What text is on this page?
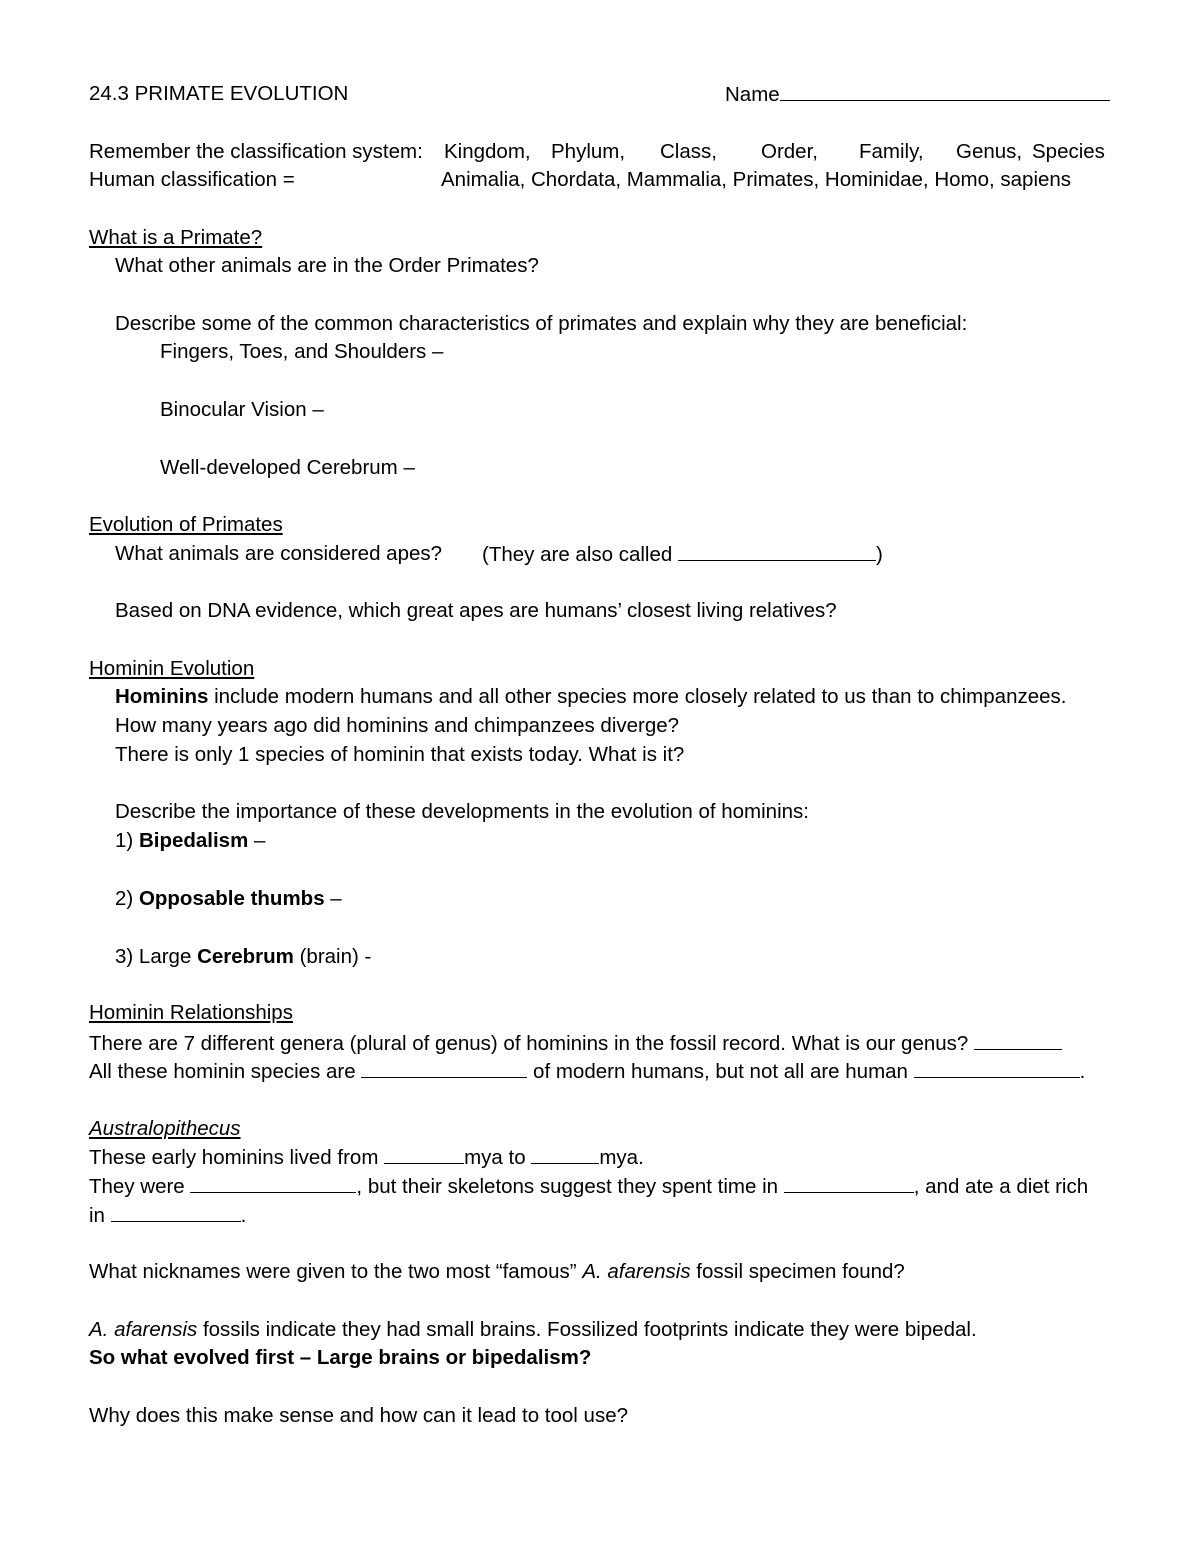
24.3 PRIMATE EVOLUTION	Name
Remember the classification system: Kingdom, Phylum, Class, Order, Family, Genus, Species
Human classification =	Animalia, Chordata, Mammalia, Primates, Hominidae, Homo, sapiens
What is a Primate?
What other animals are in the Order Primates?
Describe some of the common characteristics of primates and explain why they are beneficial:
Fingers, Toes, and Shoulders –
Binocular Vision –
Well-developed Cerebrum –
Evolution of Primates
What animals are considered apes? (They are also called	)
Based on DNA evidence, which great apes are humans’ closest living relatives?
Hominin Evolution
Hominins include modern humans and all other species more closely related to us than to chimpanzees.
How many years ago did hominins and chimpanzees diverge?
There is only 1 species of hominin that exists today. What is it?
Describe the importance of these developments in the evolution of hominins:
1) Bipedalism –
2) Opposable thumbs –
3) Large Cerebrum (brain) -
Hominin Relationships
There are 7 different genera (plural of genus) of hominins in the fossil record. What is our genus?
All these hominin species are	of modern humans, but not all are human	.
Australopithecus
These early hominins lived from	mya to	mya.
They were	, but their skeletons suggest they spent time in	, and ate a diet rich
in	.
What nicknames were given to the two most “famous” A. afarensis fossil specimen found?
A. afarensis fossils indicate they had small brains. Fossilized footprints indicate they were bipedal.
So what evolved first – Large brains or bipedalism?
Why does this make sense and how can it lead to tool use?
